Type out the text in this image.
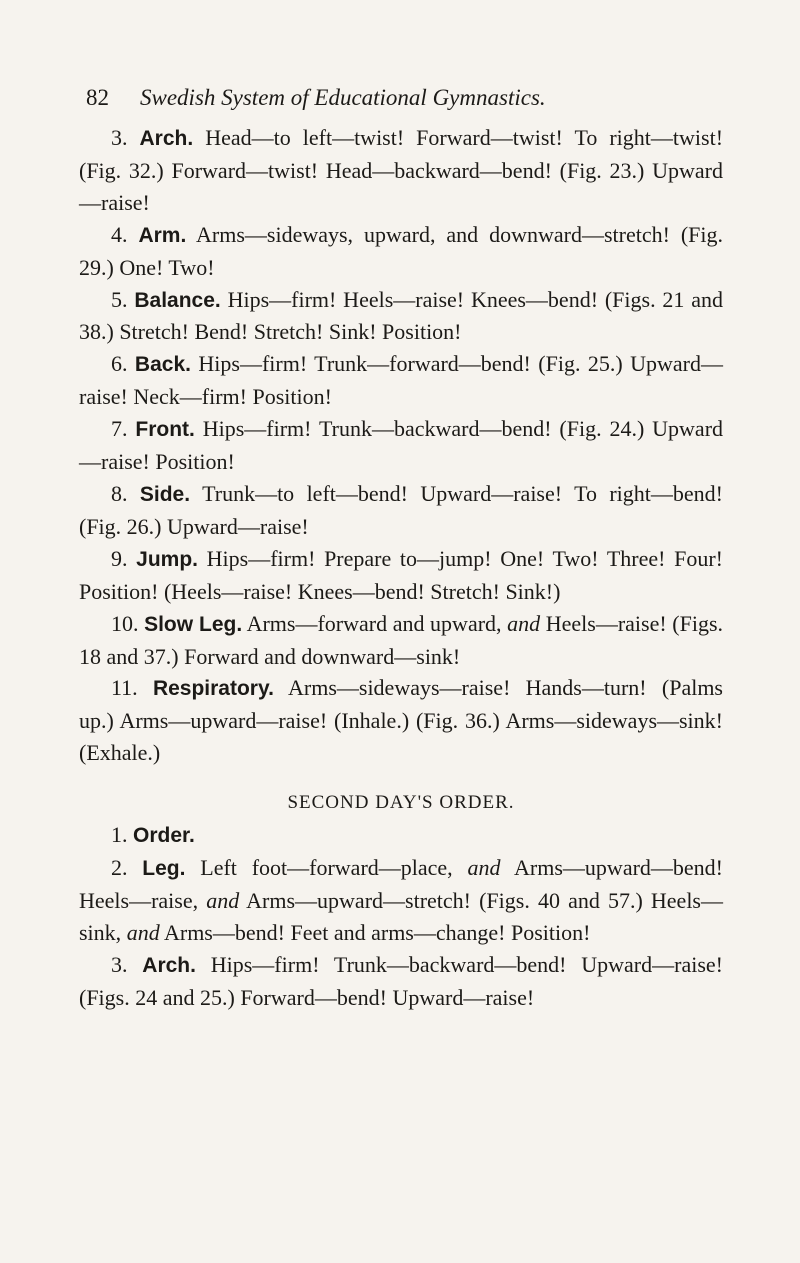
82 Swedish System of Educational Gymnastics.

3. Arch. Head—to left—twist! Forward—twist! To right—twist! (Fig. 32.) Forward—twist! Head—backward—bend! (Fig. 23.) Upward—raise!

4. Arm. Arms—sideways, upward, and downward—stretch! (Fig. 29.) One! Two!

5. Balance. Hips—firm! Heels—raise! Knees—bend! (Figs. 21 and 38.) Stretch! Bend! Stretch! Sink! Position!

6. Back. Hips—firm! Trunk—forward—bend! (Fig. 25.) Upward—raise! Neck—firm! Position!

7. Front. Hips—firm! Trunk—backward—bend! (Fig. 24.) Upward—raise! Position!

8. Side. Trunk—to left—bend! Upward—raise! To right—bend! (Fig. 26.) Upward—raise!

9. Jump. Hips—firm! Prepare to—jump! One! Two! Three! Four! Position! (Heels—raise! Knees—bend! Stretch! Sink!)

10. Slow Leg. Arms—forward and upward, and Heels—raise! (Figs. 18 and 37.) Forward and downward—sink!

11. Respiratory. Arms—sideways—raise! Hands—turn! (Palms up.) Arms—upward—raise! (Inhale.) (Fig. 36.) Arms—sideways—sink! (Exhale.)

SECOND DAY'S ORDER.

1. Order.

2. Leg. Left foot—forward—place, and Arms—upward—bend! Heels—raise, and Arms—upward—stretch! (Figs. 40 and 57.) Heels—sink, and Arms—bend! Feet and arms—change! Position!

3. Arch. Hips—firm! Trunk—backward—bend! Upward—raise! (Figs. 24 and 25.) Forward—bend! Upward—raise!
